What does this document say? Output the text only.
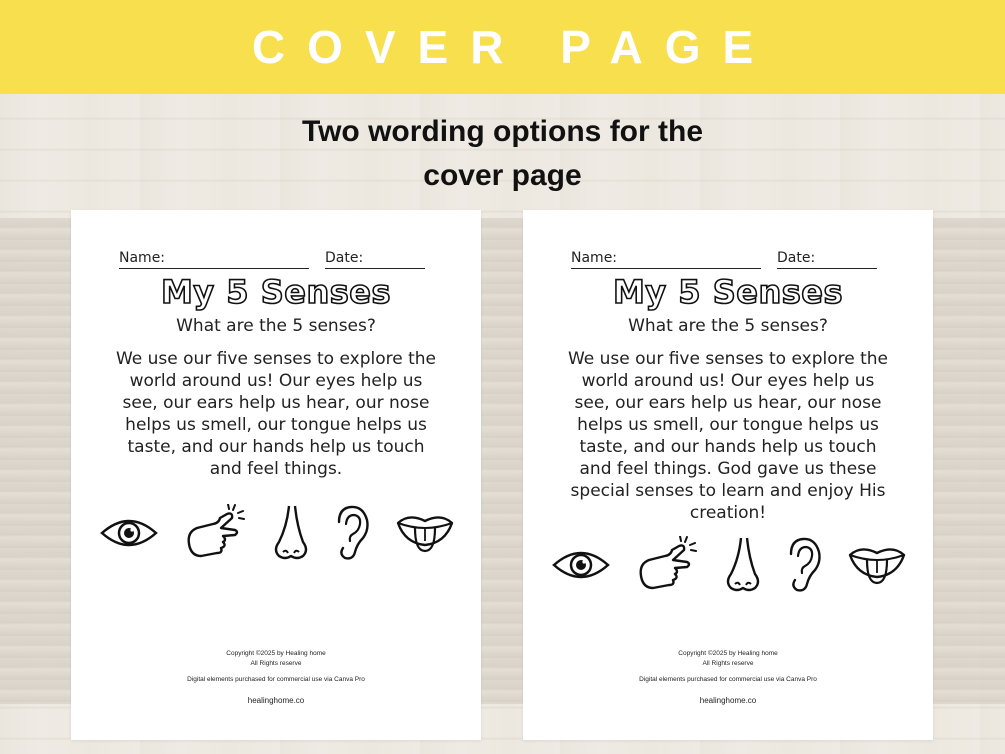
COVER PAGE
Two wording options for the
cover page
Name:	Date:
My 5 Senses
What are the 5 senses?
We use our five senses to explore the world around us! Our eyes help us see, our ears help us hear, our nose helps us smell, our tongue helps us taste, and our hands help us touch and feel things.
Copyright ©2025 by Healing home
All Rights reserve
Digital elements purchased for commercial use via Canva Pro
healinghome.co
Name:	Date:
My 5 Senses
What are the 5 senses?
We use our five senses to explore the world around us! Our eyes help us see, our ears help us hear, our nose helps us smell, our tongue helps us taste, and our hands help us touch and feel things. God gave us these special senses to learn and enjoy His creation!
Copyright ©2025 by Healing home
All Rights reserve
Digital elements purchased for commercial use via Canva Pro
healinghome.co
